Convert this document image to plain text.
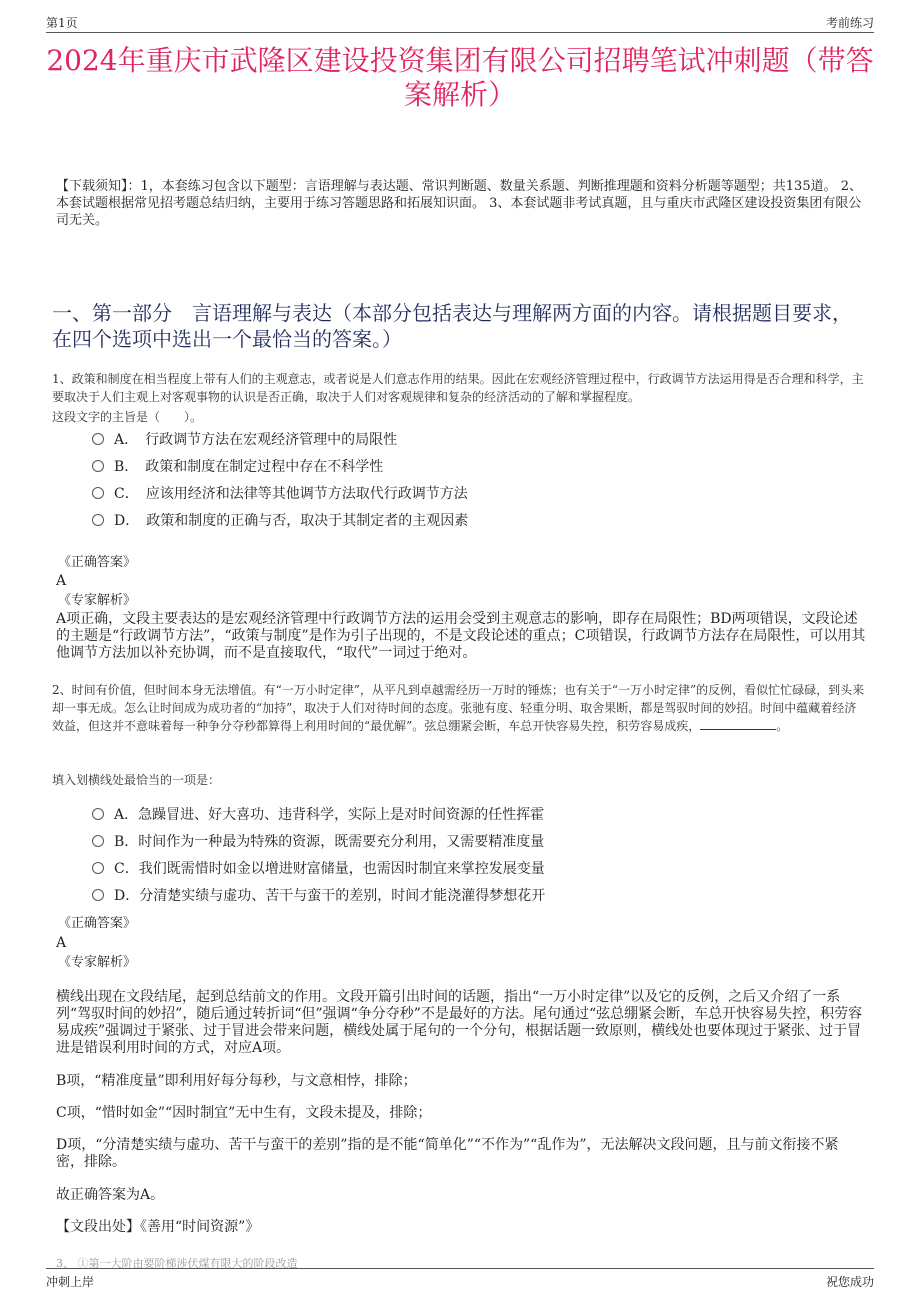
第1页	考前练习
2024年重庆市武隆区建设投资集团有限公司招聘笔试冲刺题（带答案解析）
【下载须知】：1，本套练习包含以下题型：言语理解与表达题、常识判断题、数量关系题、判断推理题和资料分析题等题型；共135道。 2、本套试题根据常见招考题总结归纳，主要用于练习答题思路和拓展知识面。 3、本套试题非考试真题，且与重庆市武隆区建设投资集团有限公司无关。
一、第一部分　言语理解与表达（本部分包括表达与理解两方面的内容。请根据题目要求，在四个选项中选出一个最恰当的答案。）
1、政策和制度在相当程度上带有人们的主观意志，或者说是人们意志作用的结果。因此在宏观经济管理过程中，行政调节方法运用得是否合理和科学，主要取决于人们主观上对客观事物的认识是否正确，取决于人们对客观规律和复杂的经济活动的了解和掌握程度。
这段文字的主旨是（　　）。
A．　行政调节方法在宏观经济管理中的局限性
B．　政策和制度在制定过程中存在不科学性
C．　应该用经济和法律等其他调节方法取代行政调节方法
D．　政策和制度的正确与否，取决于其制定者的主观因素
《正确答案》
A
《专家解析》
A项正确，文段主要表达的是宏观经济管理中行政调节方法的运用会受到主观意志的影响，即存在局限性；BD两项错误，文段论述的主题是“行政调节方法”，“政策与制度”是作为引子出现的，不是文段论述的重点；C项错误，行政调节方法存在局限性，可以用其他调节方法加以补充协调，而不是直接取代，“取代”一词过于绝对。
2、时间有价值，但时间本身无法增值。有“一万小时定律”，从平凡到卓越需经历一万时的锤炼；也有关于“一万小时定律”的反例，看似忙忙碌碌，到头来却一事无成。怎么让时间成为成功者的“加持”，取决于人们对待时间的态度。张驰有度、轻重分明、取舍果断，都是驾驭时间的妙招。时间中蕴藏着经济效益，但这并不意味着每一种争分夺秒都算得上利用时间的“最优解”。弦总绷紧会断，车总开快容易失控，积劳容易成疾，	。
填入划横线处最恰当的一项是：
A．急躁冒进、好大喜功、违背科学，实际上是对时间资源的任性挥霍
B．时间作为一种最为特殊的资源，既需要充分利用，又需要精准度量
C．我们既需惜时如金以增进财富储量，也需因时制宜来掌控发展变量
D．分清楚实绩与虚功、苦干与蛮干的差别，时间才能浇灌得梦想花开
《正确答案》
A
《专家解析》
横线出现在文段结尾，起到总结前文的作用。文段开篇引出时间的话题，指出“一万小时定律”以及它的反例，之后又介绍了一系列“驾驭时间的妙招”，随后通过转折词“但”强调“争分夺秒”不是最好的方法。尾句通过“弦总绷紧会断，车总开快容易失控，积劳容易成疾”强调过于紧张、过于冒进会带来问题，横线处属于尾句的一个分句，根据话题一致原则，横线处也要体现过于紧张、过于冒进是错误利用时间的方式，对应A项。
B项，“精准度量”即利用好每分每秒，与文意相悖，排除；
C项，“惜时如金”“因时制宜”无中生有，文段未提及，排除；
D项，“分清楚实绩与虚功、苦干与蛮干的差别”指的是不能“简单化”“不作为”“乱作为”，无法解决文段问题，且与前文衔接不紧密，排除。
故正确答案为A。
【文段出处】《善用“时间资源”》
3、 ①第一大阶由要阶梯涉伏煤有限大的阶段改造
冲刺上岸	祝您成功
